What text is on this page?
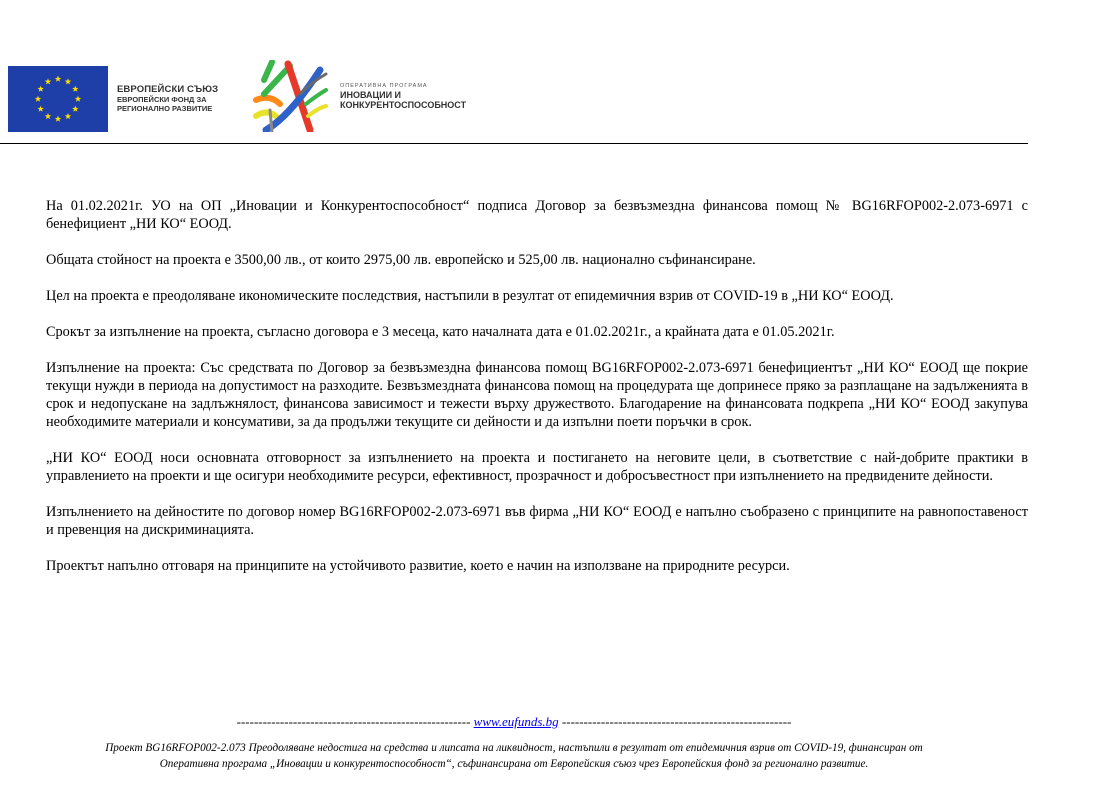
ЕВРОПЕЙСКИ СЪЮЗ
ЕВРОПЕЙСКИ ФОНД ЗА
РЕГИОНАЛНО РАЗВИТИЕ
ОПЕРАТИВНА ПРОГРАМА
ИНОВАЦИИ И
КОНКУРЕНТОСПОСОБНОСТ

На 01.02.2021г. УО на ОП „Иновации и Конкурентоспособност“ подписа Договор за безвъзмездна финансова помощ № BG16RFOP002-2.073-6971 с бенефициент „НИ КО“ ЕООД.

Общата стойност на проекта е 3500,00 лв., от които 2975,00 лв. европейско и 525,00 лв. национално съфинансиране.

Цел на проекта е преодоляване икономическите последствия, настъпили в резултат от епидемичния взрив от COVID-19 в „НИ КО“ ЕООД.

Срокът за изпълнение на проекта, съгласно договора е 3 месеца, като началната дата е 01.02.2021г., а крайната дата е 01.05.2021г.

Изпълнение на проекта: Със средствата по Договор за безвъзмездна финансова помощ BG16RFOP002-2.073-6971 бенефициентът „НИ КО“ ЕООД ще покрие текущи нужди в периода на допустимост на разходите. Безвъзмездната финансова помощ на процедурата ще допринесе пряко за разплащане на задълженията в срок и недопускане на задлъжнялост, финансова зависимост и тежести върху дружеството. Благодарение на финансовата подкрепа „НИ КО“ ЕООД закупува необходимите материали и консумативи, за да продължи текущите си дейности и да изпълни поети поръчки в срок.

„НИ КО“ ЕООД носи основната отговорност за изпълнението на проекта и постигането на неговите цели, в съответствие с най-добрите практики в управлението на проекти и ще осигури необходимите ресурси, ефективност, прозрачност и добросъвестност при изпълнението на предвидените дейности.

Изпълнението на дейностите по договор номер BG16RFOP002-2.073-6971 във фирма „НИ КО“ ЕООД е напълно съобразено с принципите на равнопоставеност и превенция на дискриминацията.

Проектът напълно отговаря на принципите на устойчивото развитие, което е начин на използване на природните ресурси.

------------------------------------------------------ www.eufunds.bg -----------------------------------------------------
Проект BG16RFOP002-2.073 Преодоляване недостига на средства и липсата на ликвидност, настъпили в резултат от епидемичния взрив от COVID-19, финансиран от
Оперативна програма „Иновации и конкурентоспособност“, съфинансирана от Европейския съюз чрез Европейския фонд за регионално развитие.
